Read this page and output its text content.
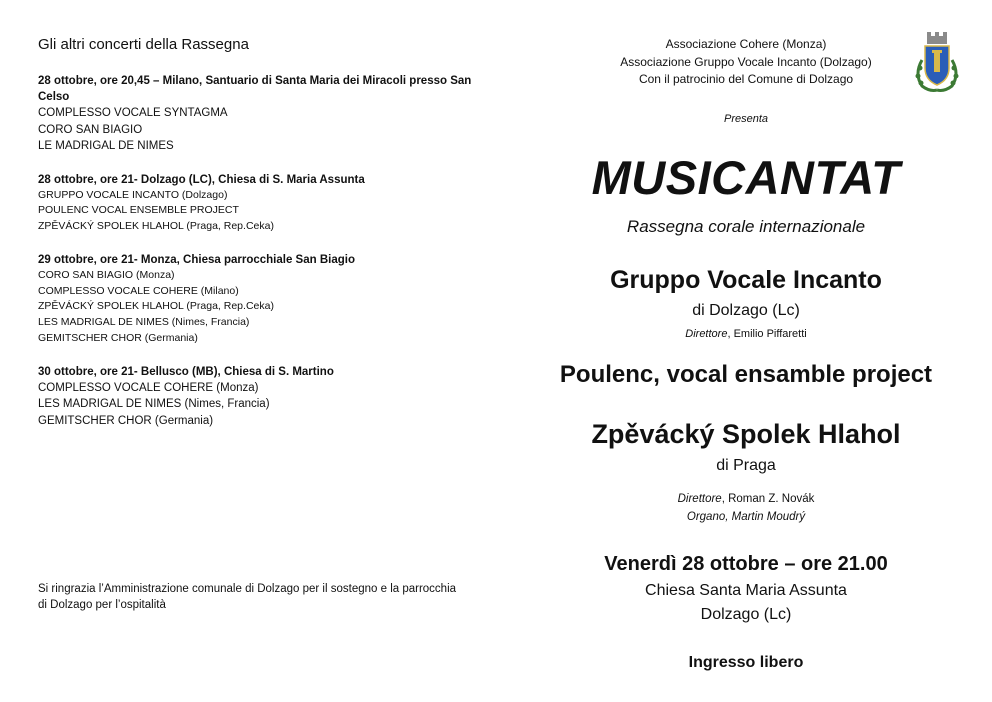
Gli altri concerti della Rassegna
28 ottobre, ore 20,45 – Milano, Santuario di Santa Maria dei Miracoli presso San Celso
COMPLESSO VOCALE SYNTAGMA
CORO SAN BIAGIO
LE MADRIGAL DE NIMES
28 ottobre, ore 21- Dolzago (LC), Chiesa di S. Maria Assunta
GRUPPO VOCALE INCANTO (Dolzago)
POULENC VOCAL ENSEMBLE PROJECT
ZPĚVÁCKÝ SPOLEK HLAHOL (Praga, Rep.Ceka)
29 ottobre, ore 21- Monza, Chiesa parrocchiale San Biagio
CORO SAN BIAGIO (Monza)
COMPLESSO VOCALE COHERE (Milano)
ZPĚVÁCKÝ SPOLEK HLAHOL (Praga, Rep.Ceka)
LES MADRIGAL DE NIMES (Nimes, Francia)
GEMITSCHER CHOR (Germania)
30 ottobre, ore 21- Bellusco (MB), Chiesa di S. Martino
COMPLESSO VOCALE COHERE (Monza)
LES MADRIGAL DE NIMES (Nimes, Francia)
GEMITSCHER CHOR (Germania)
Si ringrazia l’Amministrazione comunale di Dolzago per il sostegno e la parrocchia di Dolzago per l’ospitalità
Associazione Cohere (Monza)
Associazione Gruppo Vocale Incanto (Dolzago)
Con il patrocinio del Comune di Dolzago
Presenta
MUSICANTAT
Rassegna corale internazionale
Gruppo Vocale Incanto
di Dolzago (Lc)
Direttore, Emilio Piffaretti
Poulenc, vocal ensamble project
Zpěvácký Spolek Hlahol
di Praga
Direttore, Roman Z. Novák
Organo, Martin Moudrý
Venerdì 28 ottobre – ore 21.00
Chiesa Santa Maria Assunta
Dolzago (Lc)
Ingresso libero
